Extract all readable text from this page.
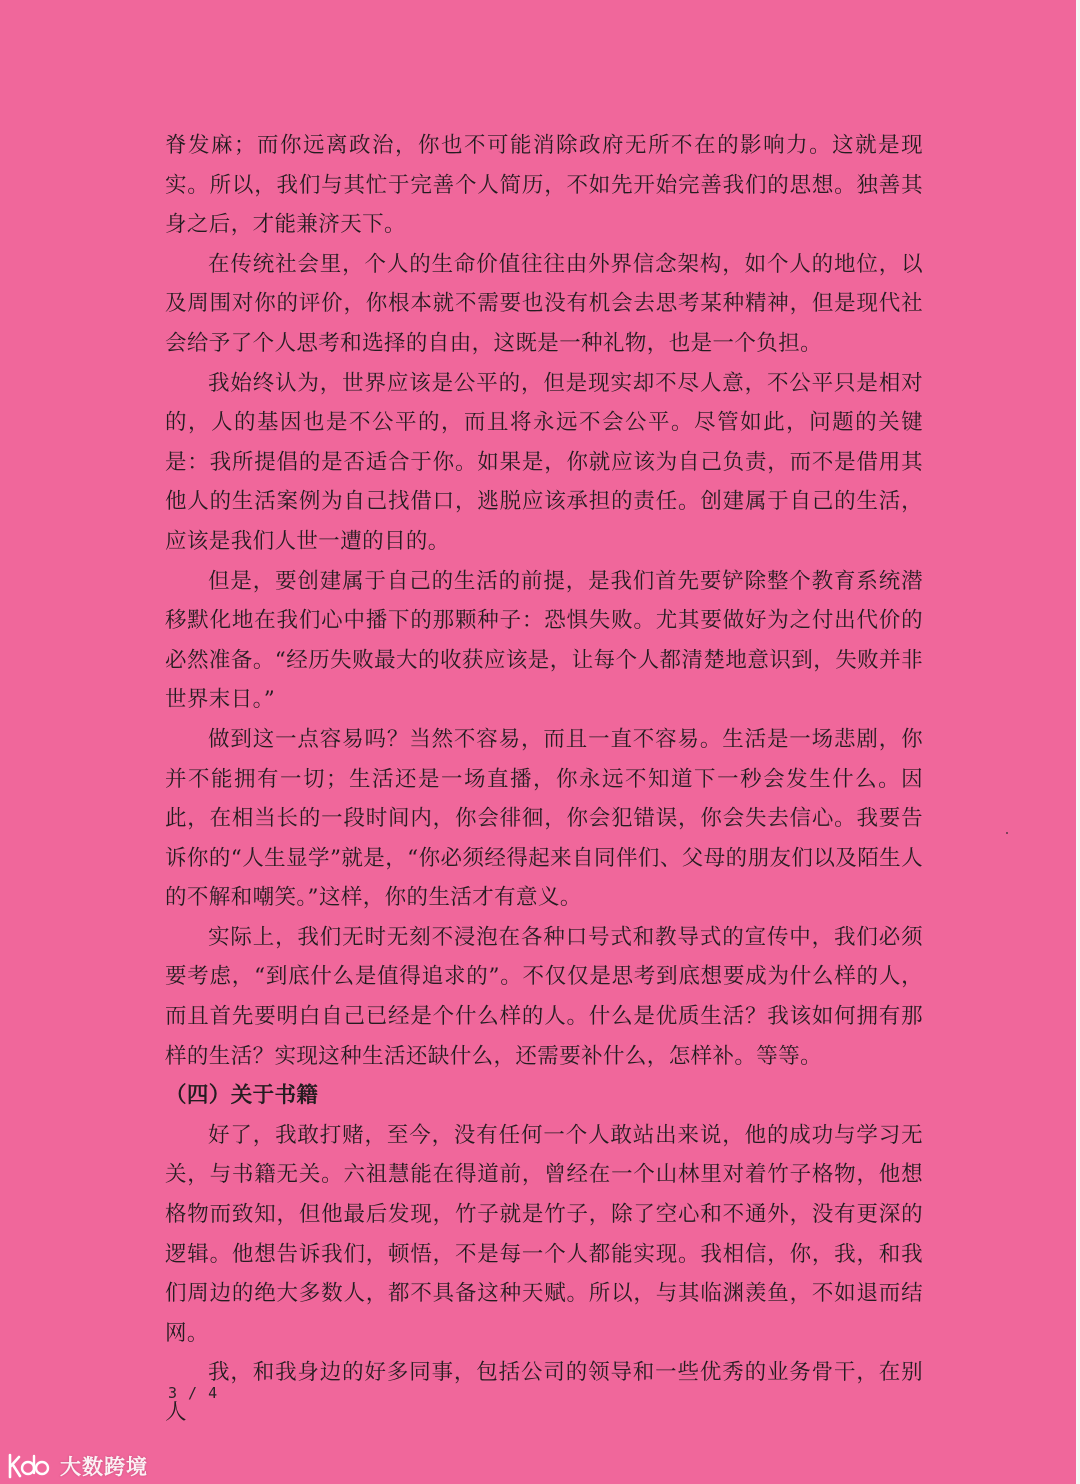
脊发麻；而你远离政治，你也不可能消除政府无所不在的影响力。这就是现实。所以，我们与其忙于完善个人简历，不如先开始完善我们的思想。独善其身之后，才能兼济天下。

在传统社会里，个人的生命价值往往由外界信念架构，如个人的地位，以及周围对你的评价，你根本就不需要也没有机会去思考某种精神，但是现代社会给予了个人思考和选择的自由，这既是一种礼物，也是一个负担。

我始终认为，世界应该是公平的，但是现实却不尽人意，不公平只是相对的，人的基因也是不公平的，而且将永远不会公平。尽管如此，问题的关键是：我所提倡的是否适合于你。如果是，你就应该为自己负责，而不是借用其他人的生活案例为自己找借口，逃脱应该承担的责任。创建属于自己的生活，应该是我们人世一遭的目的。

但是，要创建属于自己的生活的前提，是我们首先要铲除整个教育系统潜移默化地在我们心中播下的那颗种子：恐惧失败。尤其要做好为之付出代价的必然准备。“经历失败最大的收获应该是，让每个人都清楚地意识到，失败并非世界末日。”

做到这一点容易吗？当然不容易，而且一直不容易。生活是一场悲剧，你并不能拥有一切；生活还是一场直播，你永远不知道下一秒会发生什么。因此，在相当长的一段时间内，你会徘徊，你会犯错误，你会失去信心。我要告诉你的“人生显学”就是，“你必须经得起来自同伴们、父母的朋友们以及陌生人的不解和嘲笑。”这样，你的生活才有意义。

实际上，我们无时无刻不浸泡在各种口号式和教导式的宣传中，我们必须要考虑，“到底什么是值得追求的”。不仅仅是思考到底想要成为什么样的人，而且首先要明白自己已经是个什么样的人。什么是优质生活？我该如何拥有那样的生活？实现这种生活还缺什么，还需要补什么，怎样补。等等。

（四）关于书籍

好了，我敢打赌，至今，没有任何一个人敢站出来说，他的成功与学习无关，与书籍无关。六祖慧能在得道前，曾经在一个山林里对着竹子格物，他想格物而致知，但他最后发现，竹子就是竹子，除了空心和不通外，没有更深的逻辑。他想告诉我们，顿悟，不是每一个人都能实现。我相信，你，我，和我们周边的绝大多数人，都不具备这种天赋。所以，与其临渊羡鱼，不如退而结网。

我，和我身边的好多同事，包括公司的领导和一些优秀的业务骨干，在别人

3 / 4
大数跨境
